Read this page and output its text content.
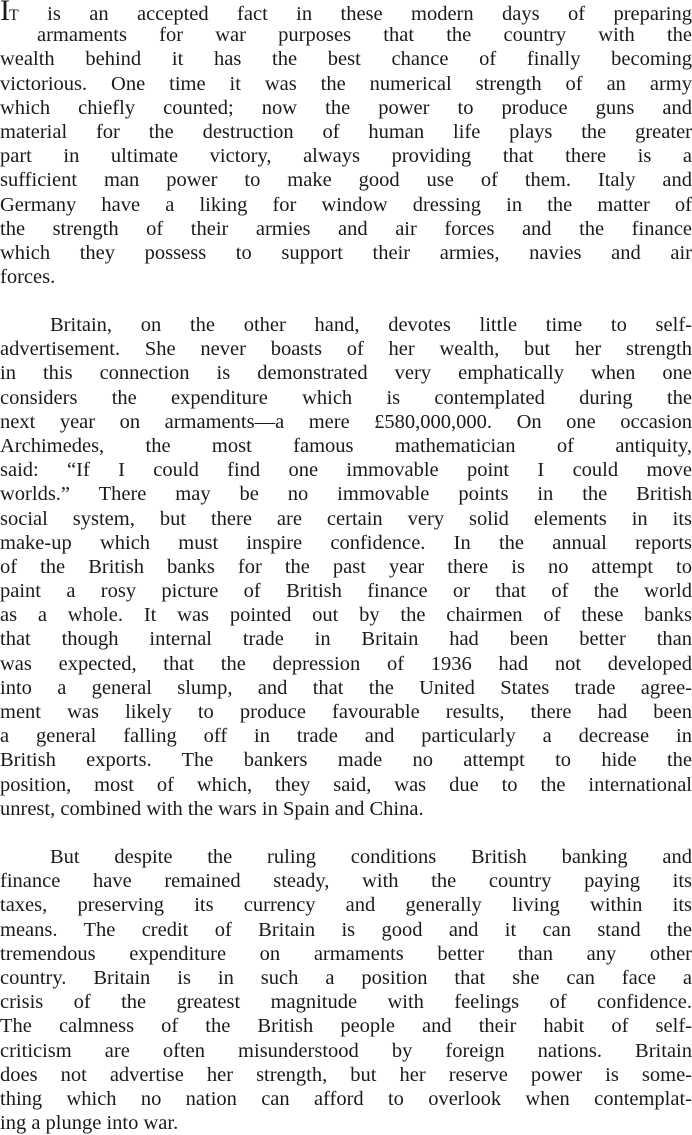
IT is an accepted fact in these modern days of preparing
armaments for war purposes that the country with the
wealth behind it has the best chance of finally becoming
victorious. One time it was the numerical strength of an army
which chiefly counted; now the power to produce guns and
material for the destruction of human life plays the greater
part in ultimate victory, always providing that there is a
sufficient man power to make good use of them. Italy and
Germany have a liking for window dressing in the matter of
the strength of their armies and air forces and the finance
which they possess to support their armies, navies and air
forces.
Britain, on the other hand, devotes little time to self-
advertisement. She never boasts of her wealth, but her strength
in this connection is demonstrated very emphatically when one
considers the expenditure which is contemplated during the
next year on armaments—a mere £580,000,000. On one occasion
Archimedes, the most famous mathematician of antiquity,
said: “If I could find one immovable point I could move
worlds.” There may be no immovable points in the British
social system, but there are certain very solid elements in its
make-up which must inspire confidence. In the annual reports
of the British banks for the past year there is no attempt to
paint a rosy picture of British finance or that of the world
as a whole. It was pointed out by the chairmen of these banks
that though internal trade in Britain had been better than
was expected, that the depression of 1936 had not developed
into a general slump, and that the United States trade agree-
ment was likely to produce favourable results, there had been
a general falling off in trade and particularly a decrease in
British exports. The bankers made no attempt to hide the
position, most of which, they said, was due to the international
unrest, combined with the wars in Spain and China.
But despite the ruling conditions British banking and
finance have remained steady, with the country paying its
taxes, preserving its currency and generally living within its
means. The credit of Britain is good and it can stand the
tremendous expenditure on armaments better than any other
country. Britain is in such a position that she can face a
crisis of the greatest magnitude with feelings of confidence.
The calmness of the British people and their habit of self-
criticism are often misunderstood by foreign nations. Britain
does not advertise her strength, but her reserve power is some-
thing which no nation can afford to overlook when contemplat-
ing a plunge into war.
